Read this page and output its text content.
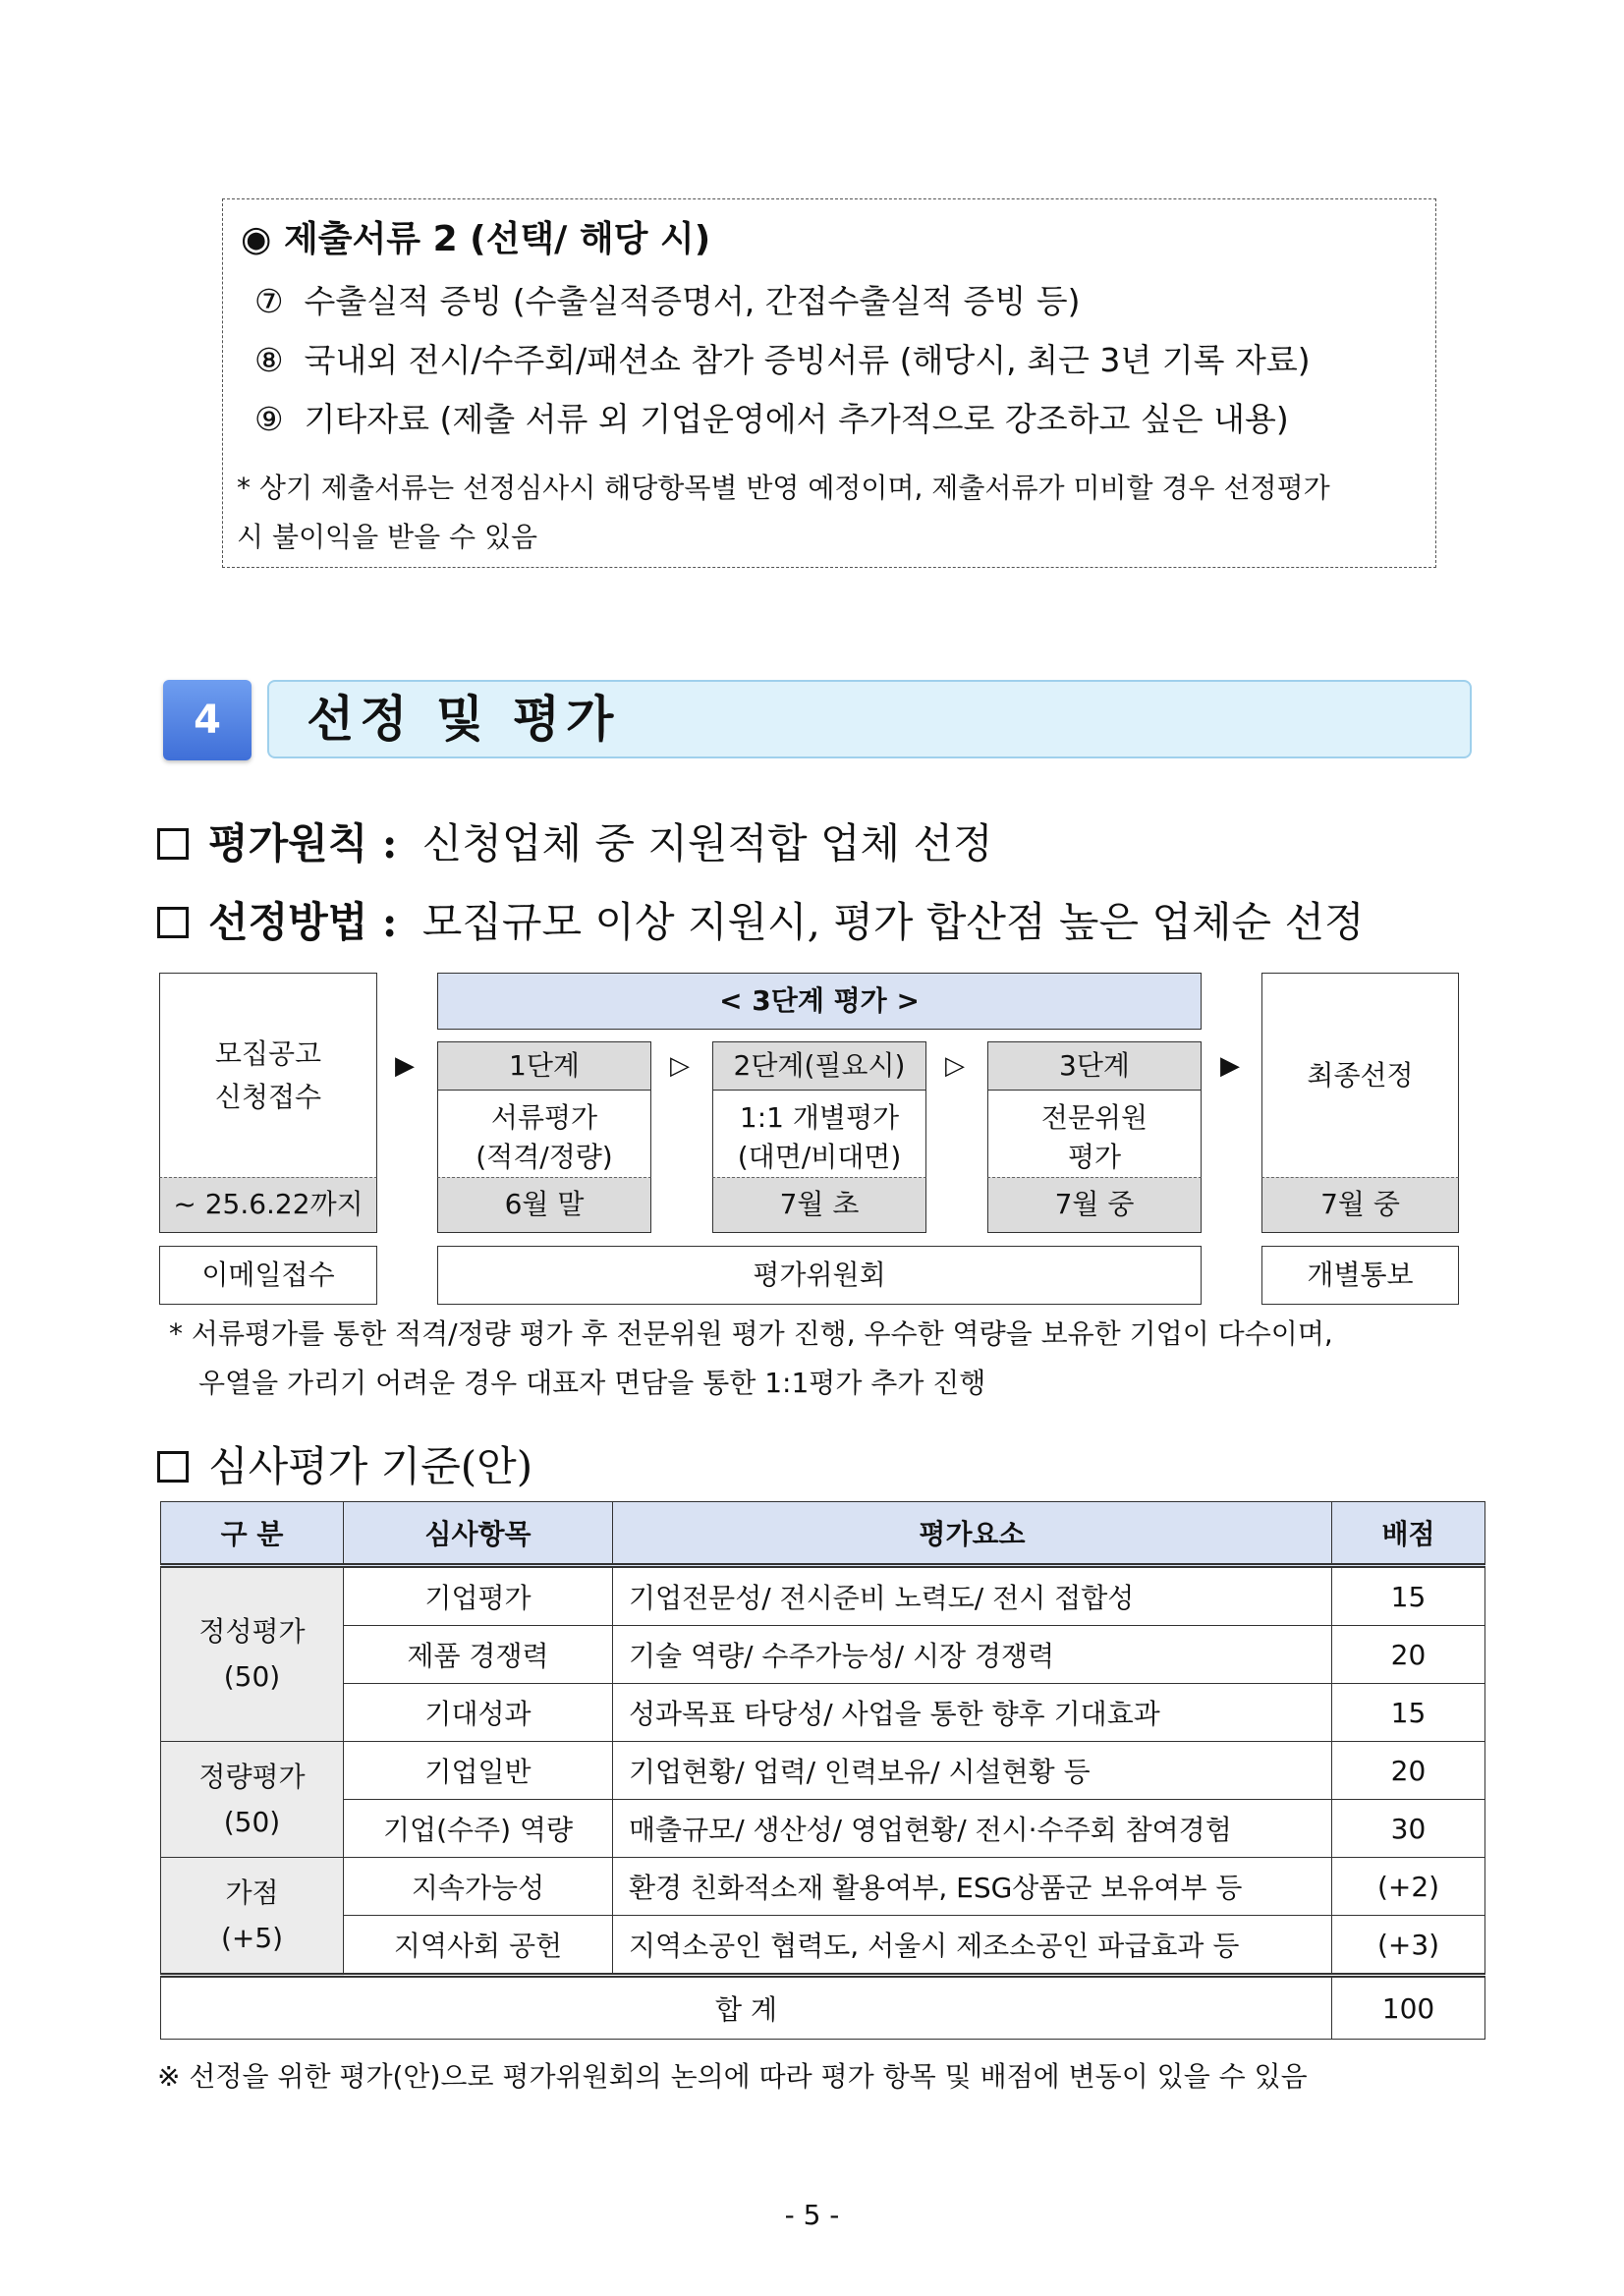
◉ 제출서류 2 (선택/ 해당 시)
⑦ 수출실적 증빙 (수출실적증명서, 간접수출실적 증빙 등)
⑧ 국내외 전시/수주회/패션쇼 참가 증빙서류 (해당시, 최근 3년 기록 자료)
⑨ 기타자료 (제출 서류 외 기업운영에서 추가적으로 강조하고 싶은 내용)
* 상기 제출서류는 선정심사시 해당항목별 반영 예정이며, 제출서류가 미비할 경우 선정평가
시 불이익을 받을 수 있음
4	선정 및 평가
평가원칙 : 신청업체 중 지원적합 업체 선정
선정방법 : 모집규모 이상 지원시, 평가 합산점 높은 업체순 선정
모집공고
신청접수
~ 25.6.22까지
이메일접수
▶
< 3단계 평가 >
1단계
서류평가
(적격/정량)
6월 말
▷	2단계(필요시)
1:1 개별평가
(대면/비대면)
7월 초
▷	3단계
전문위원
평가
7월 중
평가위원회
▶	최종선정
7월 중
개별통보
* 서류평가를 통한 적격/정량 평가 후 전문위원 평가 진행, 우수한 역량을 보유한 기업이 다수이며,
우열을 가리기 어려운 경우 대표자 면담을 통한 1:1평가 추가 진행
심사평가 기준(안)
구 분	심사항목	평가요소	배점

정성평가
(50)	기업평가	기업전문성/ 전시준비 노력도/ 전시 접합성	15
	제품 경쟁력	기술 역량/ 수주가능성/ 시장 경쟁력	20
	기대성과	성과목표 타당성/ 사업을 통한 향후 기대효과	15

정량평가
(50)	기업일반	기업현황/ 업력/ 인력보유/ 시설현황 등	20
	기업(수주) 역량	매출규모/ 생산성/ 영업현황/ 전시·수주회 참여경험	30

가점
(+5)	지속가능성	환경 친화적소재 활용여부, ESG상품군 보유여부 등	(+2)
	지역사회 공헌	지역소공인 협력도, 서울시 제조소공인 파급효과 등	(+3)
합 계			100
※ 선정을 위한 평가(안)으로 평가위원회의 논의에 따라 평가 항목 및 배점에 변동이 있을 수 있음
- 5 -
